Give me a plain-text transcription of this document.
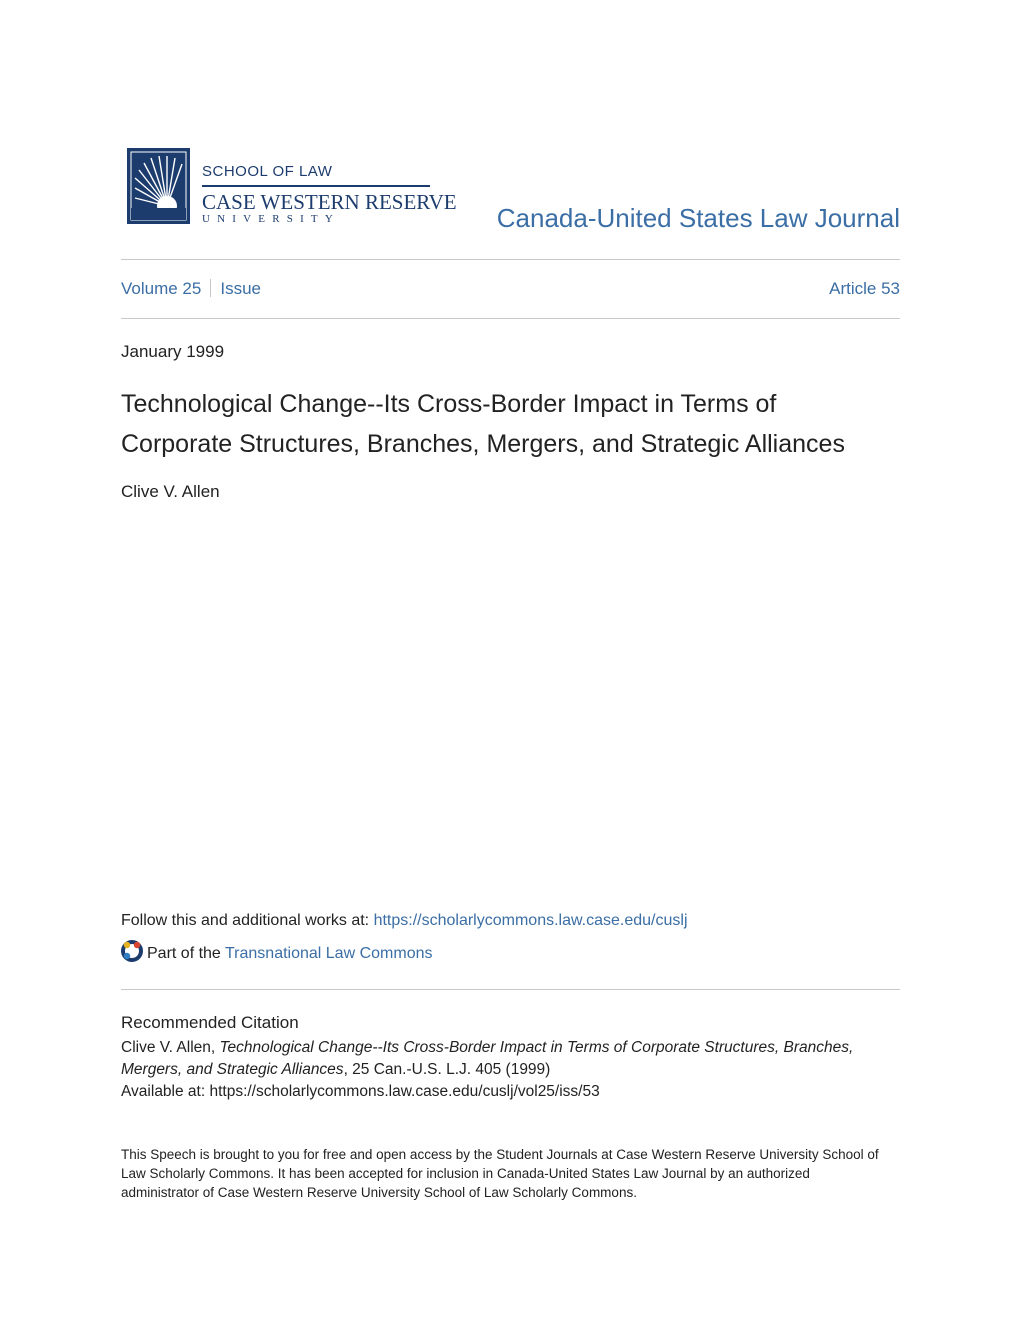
SCHOOL OF LAW
CASE WESTERN RESERVE
UNIVERSITY	Canada-United States Law Journal
Volume 25 Issue	Article 53
January 1999
Technological Change--Its Cross-Border Impact in Terms of
Corporate Structures, Branches, Mergers, and Strategic Alliances
Clive V. Allen
Follow this and additional works at: https://scholarlycommons.law.case.edu/cuslj
Part of the Transnational Law Commons
Recommended Citation
Clive V. Allen, Technological Change--Its Cross-Border Impact in Terms of Corporate Structures, Branches,
Mergers, and Strategic Alliances, 25 Can.-U.S. L.J. 405 (1999)
Available at: https://scholarlycommons.law.case.edu/cuslj/vol25/iss/53
This Speech is brought to you for free and open access by the Student Journals at Case Western Reserve University School of Law Scholarly Commons. It has been accepted for inclusion in Canada-United States Law Journal by an authorized administrator of Case Western Reserve University School of Law Scholarly Commons.
